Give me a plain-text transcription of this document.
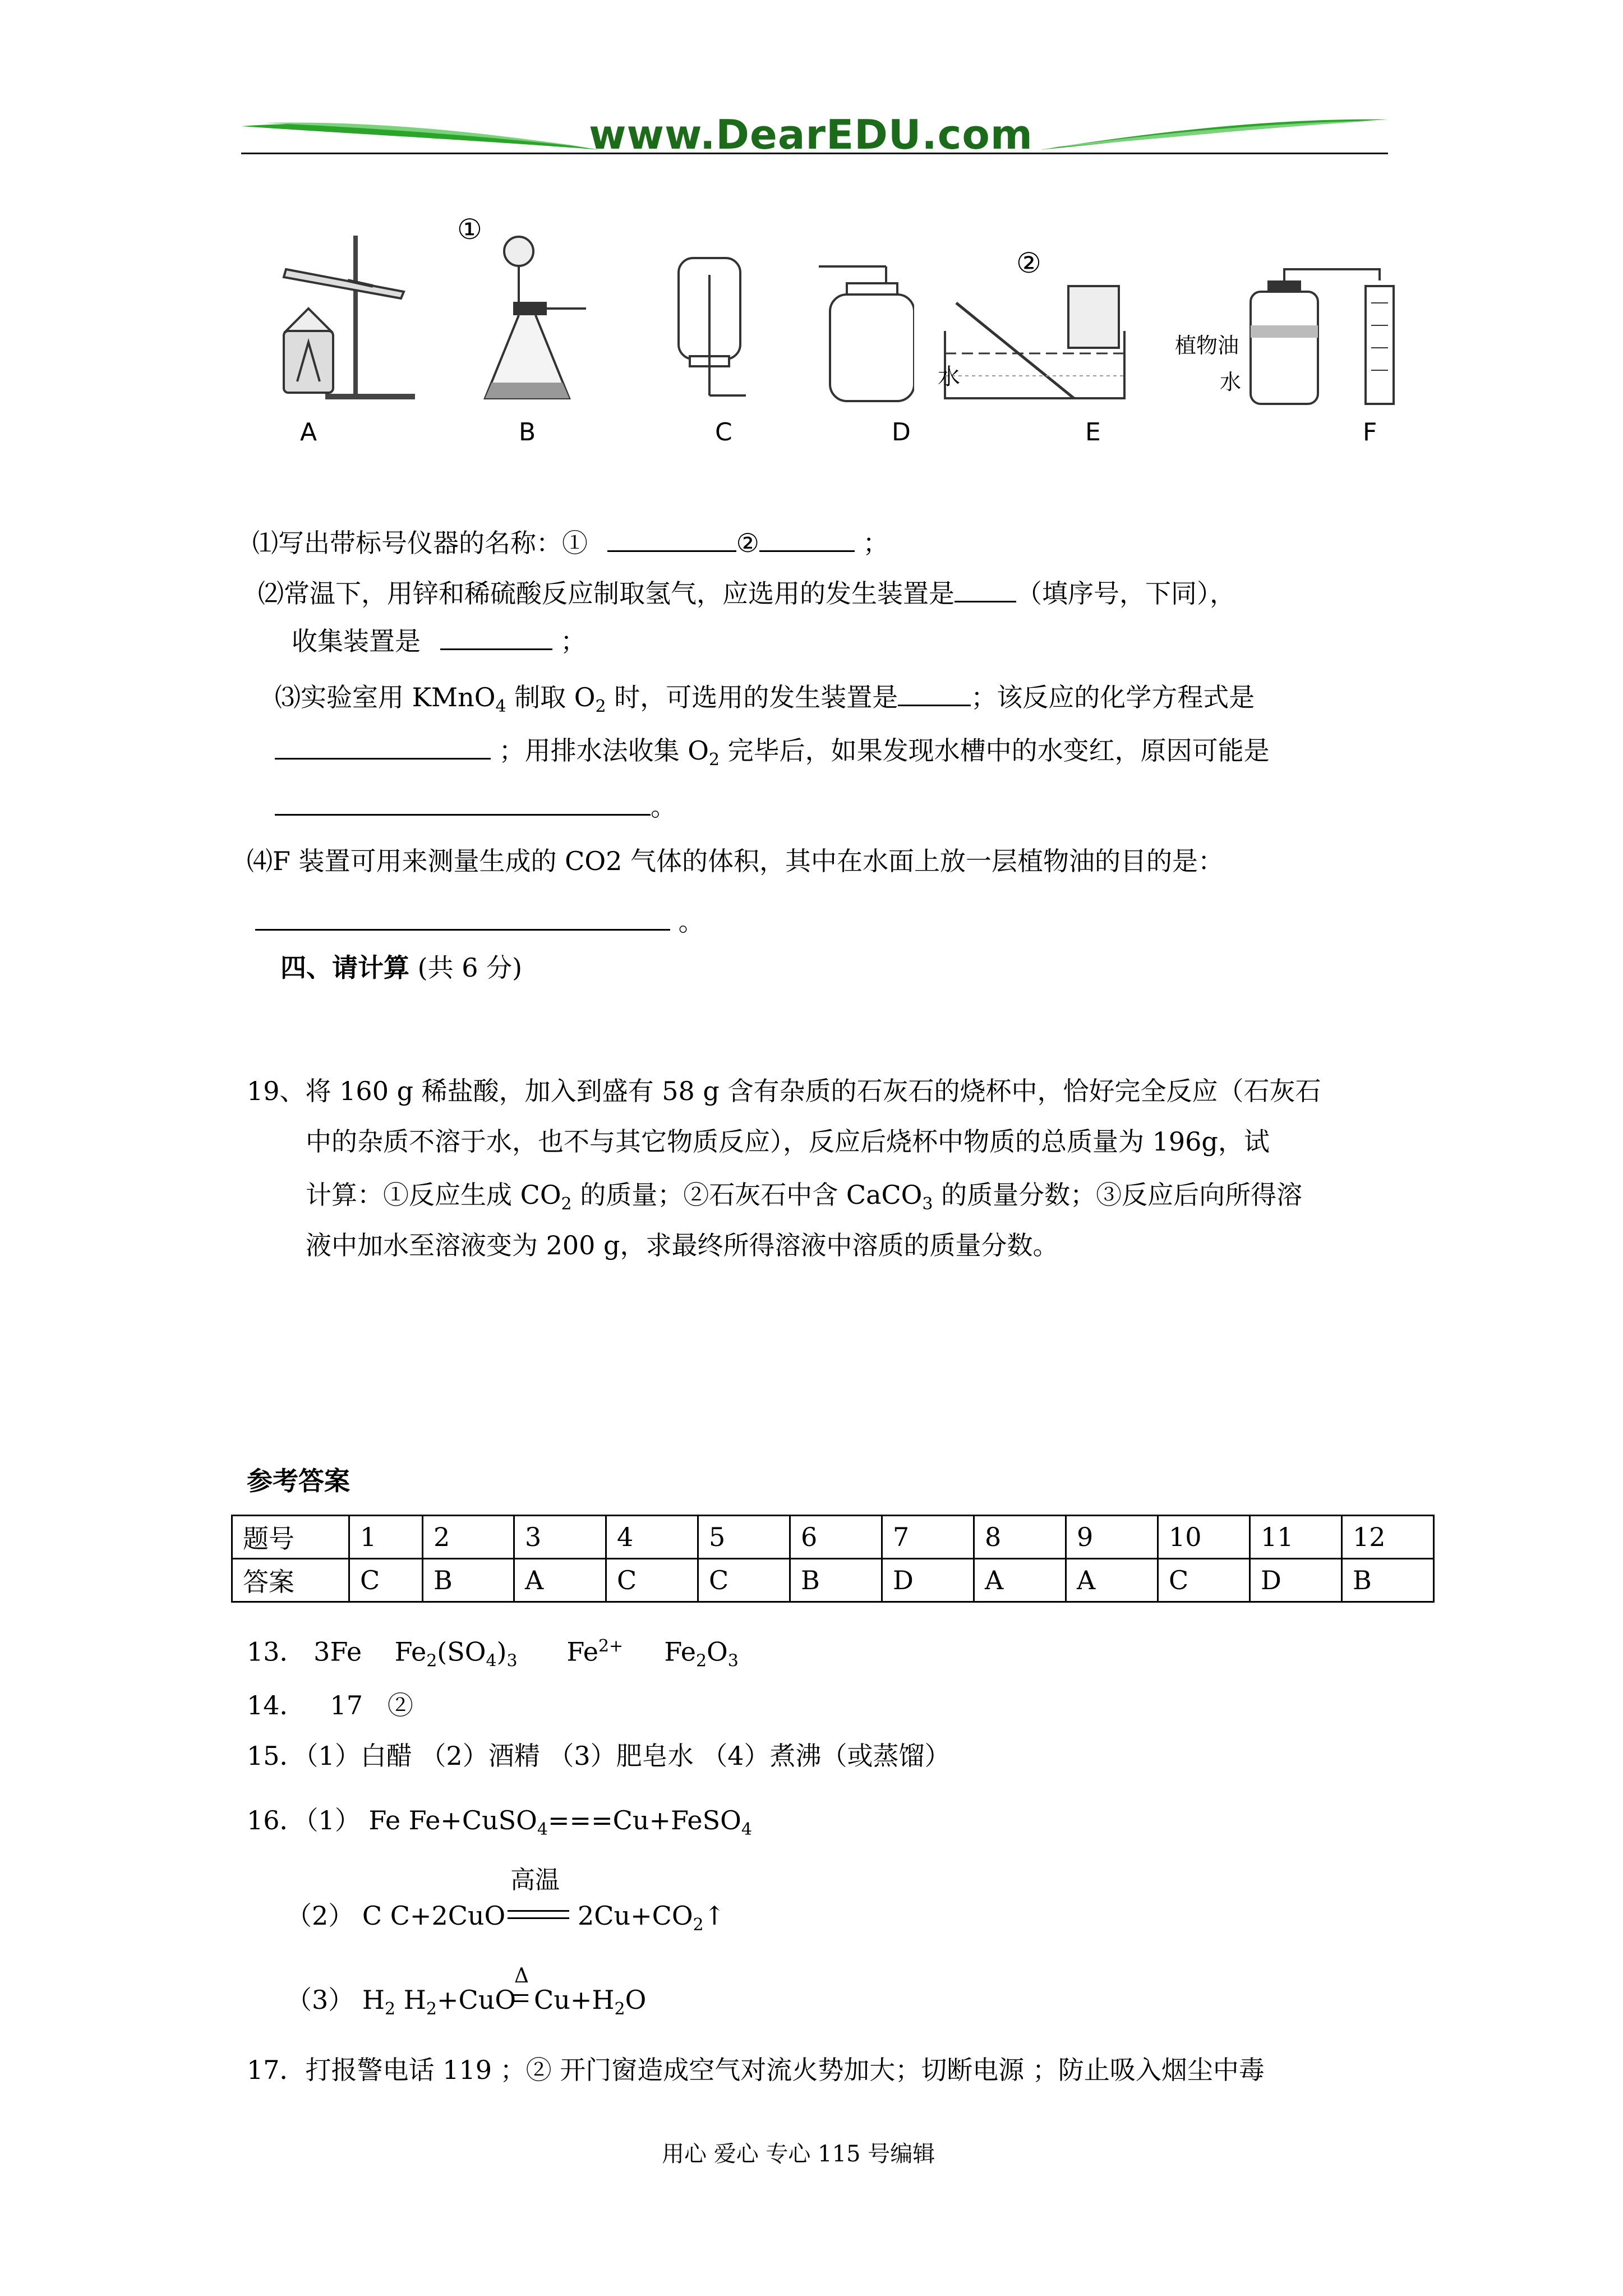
www.DearEDU.com
①
②
水
植物油
水
A	B	C	D	E	F
⑴写出带标号仪器的名称：①	②	；
⑵常温下，用锌和稀硫酸反应制取氢气，应选用的发生装置是 （填序号，下同），
收集装置是	；
⑶实验室用 KMnO$_4$ 制取 $O_2$ 时，可选用的发生装置是	；该反应的化学方程式是
；用排水法收集 $O_2$ 完毕后，如果发现水槽中的水变红，原因可能是
。
⑷F 装置可用来测量生成的 CO2 气体的体积，其中在水面上放一层植物油的目的是：
。
四、请计算 (共 6 分)
19、将 160 g 稀盐酸，加入到盛有 58 g 含有杂质的石灰石的烧杯中，恰好完全反应（石灰石
中的杂质不溶于水，也不与其它物质反应），反应后烧杯中物质的总质量为 196g，试
计算：①反应生成 $CO_2$ 的质量；②石灰石中含 CaCO$_3$ 的质量分数；③反应后向所得溶
液中加水至溶液变为 200 g，求最终所得溶液中溶质的质量分数。
参考答案
题号	1	2	3	4	5	6	7	8	9	10	11	12
答案	C	B	A	C	C	B	D	A	A	C	D	B
13． 3Fe $Fe_2(SO_4)_3$ $Fe^{2+}$ $Fe_2O_3$
14． 17 ②
15．（1）白醋 （2）酒精 （3）肥皂水 （4）煮沸（或蒸馏）
16．（1） Fe Fe+CuSO$_4$===Cu+FeSO$_4$
（2） C C+2CuO
高温
$2Cu+CO_2↑$
（3） $H_2$ $H_2+CuO$
Δ
$Cu+H_2O$
17．打报警电话 119 ；② 开门窗造成空气对流火势加大；切断电源 ；防止吸入烟尘中毒
用心 爱心 专心 115 号编辑
